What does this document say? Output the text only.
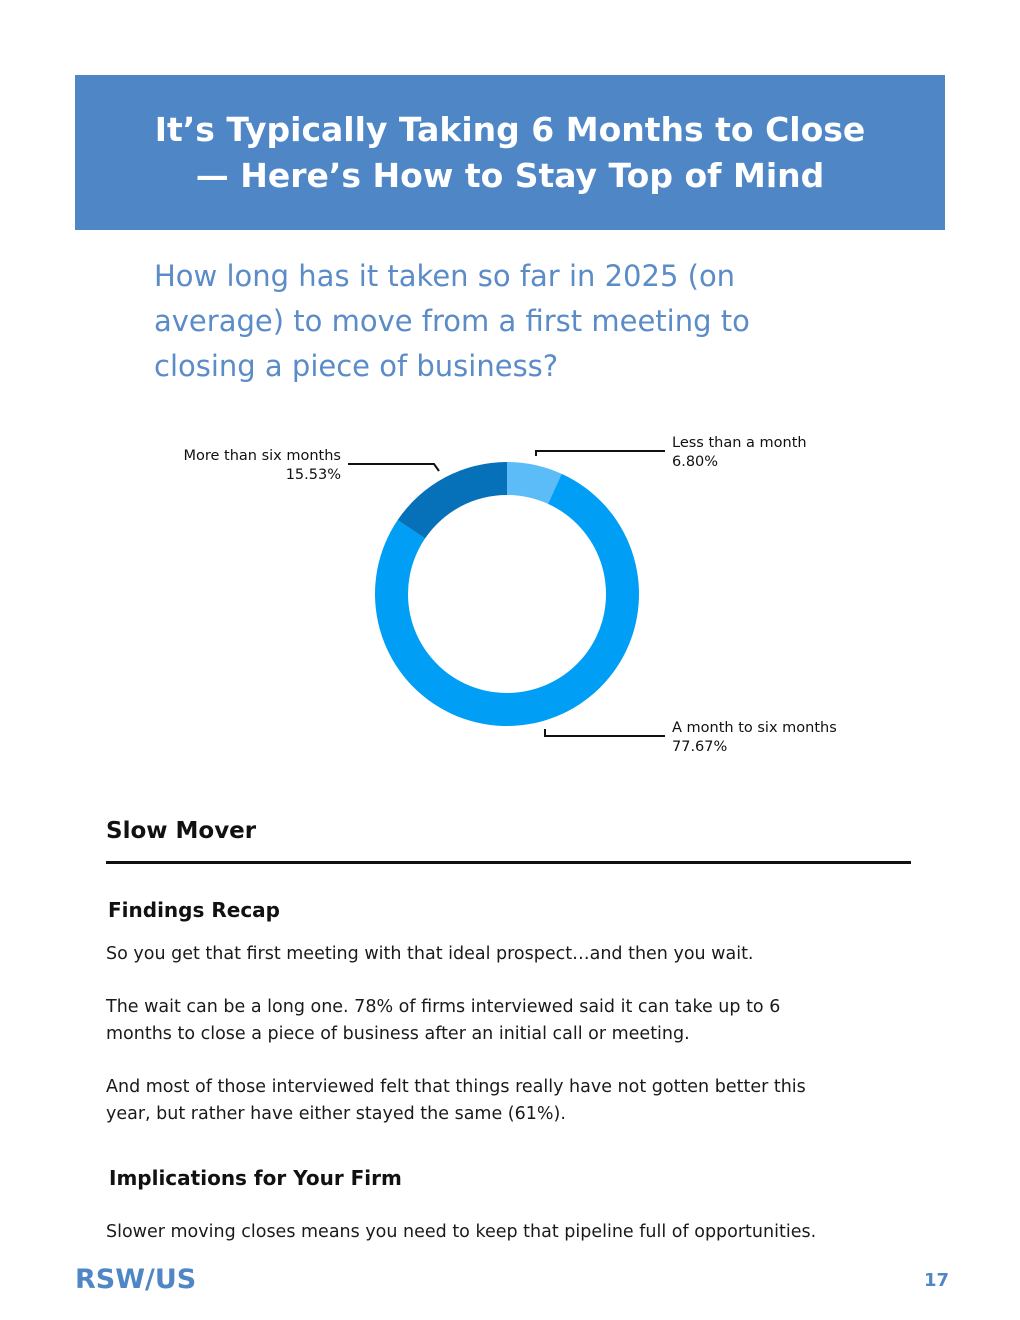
It’s Typically Taking 6 Months to Close
— Here’s How to Stay Top of Mind
How long has it taken so far in 2025 (on
average) to move from a first meeting to
closing a piece of business?
Less than a month
6.80%
A month to six months
77.67%
More than six months
15.53%
Slow Mover
Findings Recap

So you get that first meeting with that ideal prospect…and then you wait.

The wait can be a long one. 78% of firms interviewed said it can take up to 6
months to close a piece of business after an initial call or meeting.

And most of those interviewed felt that things really have not gotten better this
year, but rather have either stayed the same (61%).

Implications for Your Firm

Slower moving closes means you need to keep that pipeline full of opportunities.

RSW/US	17
